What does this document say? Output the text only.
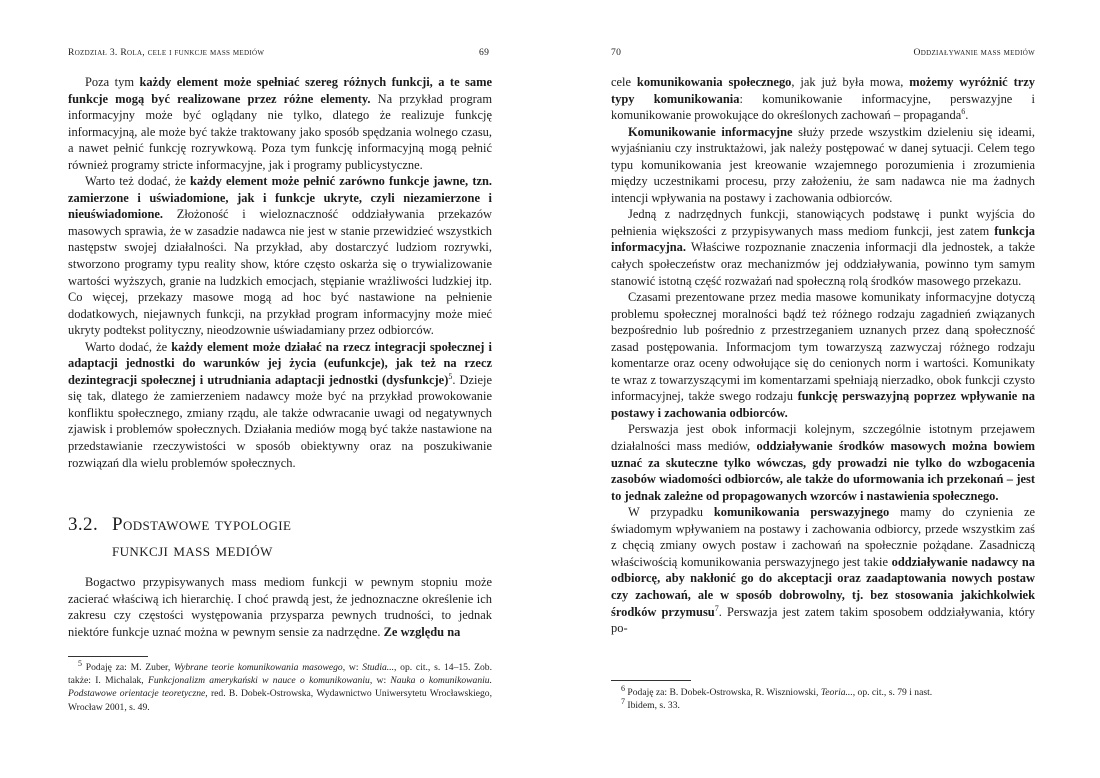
Rozdział 3. Rola, cele i funkcje mass mediów	69

Poza tym każdy element może spełniać szereg różnych funkcji, a te same funkcje mogą być realizowane przez różne elementy. Na przykład program informacyjny może być oglądany nie tylko, dlatego że realizuje funkcję informacyjną, ale może być także traktowany jako sposób spędzania wolnego czasu, a nawet pełnić funkcję rozrywkową. Poza tym funkcję informacyjną mogą pełnić również programy stricte informacyjne, jak i programy publicystyczne.

Warto też dodać, że każdy element może pełnić zarówno funkcje jawne, tzn. zamierzone i uświadomione, jak i funkcje ukryte, czyli niezamierzone i nieuświadomione. Złożoność i wieloznaczność oddziaływania przekazów masowych sprawia, że w zasadzie nadawca nie jest w stanie przewidzieć wszystkich następstw swojej działalności. Na przykład, aby dostarczyć ludziom rozrywki, stworzono programy typu reality show, które często oskarża się o trywializowanie wartości wyższych, granie na ludzkich emocjach, stępianie wrażliwości ludzkiej itp. Co więcej, przekazy masowe mogą ad hoc być nastawione na pełnienie dodatkowych, niejawnych funkcji, na przykład program informacyjny może mieć ukryty podtekst polityczny, nieodzownie uświadamiany przez odbiorców.

Warto dodać, że każdy element może działać na rzecz integracji społecznej i adaptacji jednostki do warunków jej życia (eufunkcje), jak też na rzecz dezintegracji społecznej i utrudniania adaptacji jednostki (dysfunkcje)$^5$. Dzieje się tak, dlatego że zamierzeniem nadawcy może być na przykład prowokowanie konfliktu społecznego, zmiany rządu, ale także odwracanie uwagi od negatywnych zjawisk i problemów społecznych. Działania mediów mogą być także nastawione na przedstawianie rzeczywistości w sposób obiektywny oraz na poszukiwanie rozwiązań dla wielu problemów społecznych.

3.2. Podstawowe typologie
funkcji mass mediów

Bogactwo przypisywanych mass mediom funkcji w pewnym stopniu może zacierać właściwą ich hierarchię. I choć prawdą jest, że jednoznaczne określenie ich zakresu czy częstości występowania przysparza pewnych trudności, to jednak niektóre funkcje uznać można w pewnym sensie za nadrzędne. Ze względu na

$^5$ Podaję za: M. Zuber, Wybrane teorie komunikowania masowego, w: Studia..., op. cit., s. 14–15. Zob. także: I. Michalak, Funkcjonalizm amerykański w nauce o komunikowaniu, w: Nauka o komunikowaniu. Podstawowe orientacje teoretyczne, red. B. Dobek-Ostrowska, Wydawnictwo Uniwersytetu Wrocławskiego, Wrocław 2001, s. 49.

70	Oddziaływanie mass mediów

cele komunikowania społecznego, jak już była mowa, możemy wyróżnić trzy typy komunikowania: komunikowanie informacyjne, perswazyjne i komunikowanie prowokujące do określonych zachowań – propaganda$^6$.

Komunikowanie informacyjne służy przede wszystkim dzieleniu się ideami, wyjaśnianiu czy instruktażowi, jak należy postępować w danej sytuacji. Celem tego typu komunikowania jest kreowanie wzajemnego porozumienia i zrozumienia między uczestnikami procesu, przy założeniu, że sam nadawca nie ma żadnych intencji wpływania na postawy i zachowania odbiorców.

Jedną z nadrzędnych funkcji, stanowiących podstawę i punkt wyjścia do pełnienia większości z przypisywanych mass mediom funkcji, jest zatem funkcja informacyjna. Właściwe rozpoznanie znaczenia informacji dla jednostek, a także całych społeczeństw oraz mechanizmów jej oddziaływania, powinno tym samym stanowić istotną część rozważań nad społeczną rolą środków masowego przekazu.

Czasami prezentowane przez media masowe komunikaty informacyjne dotyczą problemu społecznej moralności bądź też różnego rodzaju zagadnień związanych bezpośrednio lub pośrednio z przestrzeganiem uznanych przez daną społeczność zasad postępowania. Informacjom tym towarzyszą zazwyczaj różnego rodzaju komentarze oraz oceny odwołujące się do cenionych norm i wartości. Komunikaty te wraz z towarzyszącymi im komentarzami spełniają nierzadko, obok funkcji czysto informacyjnej, także swego rodzaju funkcję perswazyjną poprzez wpływanie na postawy i zachowania odbiorców.

Perswazja jest obok informacji kolejnym, szczególnie istotnym przejawem działalności mass mediów, oddziaływanie środków masowych można bowiem uznać za skuteczne tylko wówczas, gdy prowadzi nie tylko do wzbogacenia zasobów wiadomości odbiorców, ale także do uformowania ich przekonań – jest to jednak zależne od propagowanych wzorców i nastawienia społecznego.

W przypadku komunikowania perswazyjnego mamy do czynienia ze świadomym wpływaniem na postawy i zachowania odbiorcy, przede wszystkim zaś z chęcią zmiany owych postaw i zachowań na społecznie pożądane. Zasadniczą właściwością komunikowania perswazyjnego jest takie oddziaływanie nadawcy na odbiorcę, aby nakłonić go do akceptacji oraz zaadaptowania nowych postaw czy zachowań, ale w sposób dobrowolny, tj. bez stosowania jakichkolwiek środków przymusu$^7$. Perswazja jest zatem takim sposobem oddziaływania, który po-

$^6$ Podaję za: B. Dobek-Ostrowska, R. Wiszniowski, Teoria..., op. cit., s. 79 i nast.

$^7$ Ibidem, s. 33.
